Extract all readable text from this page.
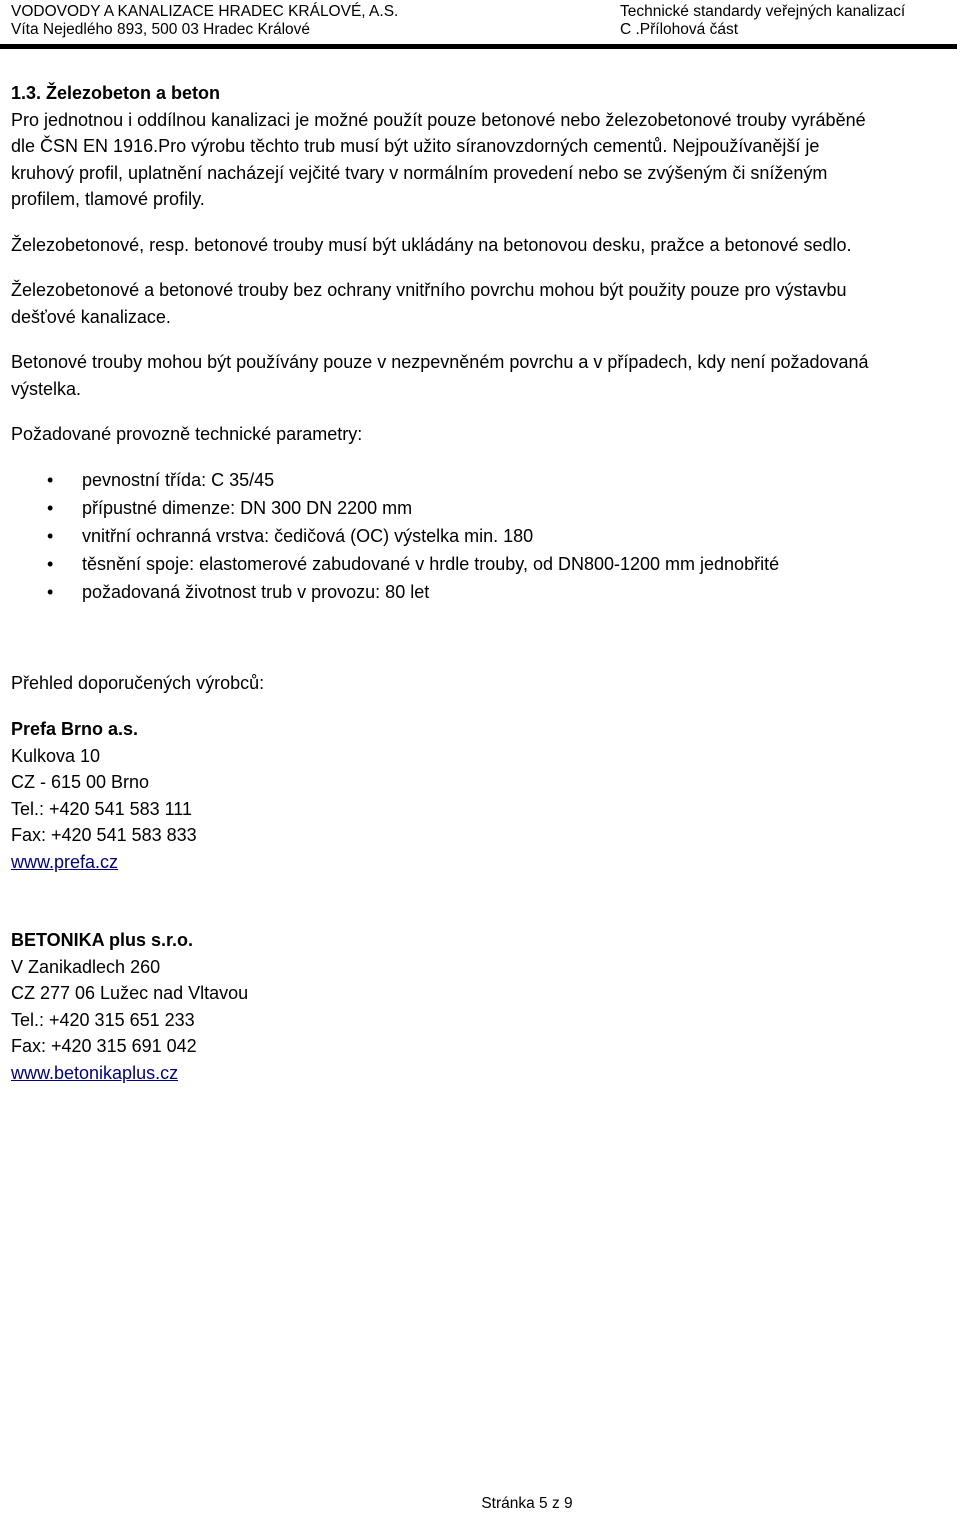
VODOVODY A KANALIZACE HRADEC KRÁLOVÉ, A.S.
Víta Nejedlého 893, 500 03 Hradec Králové
Technické standardy veřejných kanalizací
C .Přílohová část

1.3. Železobeton a beton

Pro jednotnou i oddílnou kanalizaci je možné použít pouze betonové nebo železobetonové trouby vyráběné

dle ČSN EN 1916.Pro výrobu těchto trub musí být užito síranovzdorných cementů. Nejpoužívanější je

kruhový profil, uplatnění nacházejí vejčité tvary v normálním provedení nebo se zvýšeným či sníženým

profilem, tlamové profily.

Železobetonové, resp. betonové trouby musí být ukládány na betonovou desku, pražce a betonové sedlo.

Železobetonové a betonové trouby bez ochrany vnitřního povrchu mohou být použity pouze pro výstavbu

dešťové kanalizace.

Betonové trouby mohou být používány pouze v nezpevněném povrchu a v případech, kdy není požadovaná

výstelka.

Požadované provozně technické parametry:

• pevnostní třída: C 35/45
• přípustné dimenze: DN 300 DN 2200 mm
• vnitřní ochranná vrstva: čedičová (OC) výstelka min. 180
• těsnění spoje: elastomerové zabudované v hrdle trouby, od DN800-1200 mm jednobřité
• požadovaná životnost trub v provozu: 80 let

Přehled doporučených výrobců:

Prefa Brno a.s.

Kulkova 10

CZ - 615 00 Brno

Tel.: +420 541 583 111

Fax: +420 541 583 833

www.prefa.cz

BETONIKA plus s.r.o.

V Zanikadlech 260

CZ 277 06 Lužec nad Vltavou

Tel.: +420 315 651 233

Fax: +420 315 691 042

www.betonikaplus.cz

Stránka 5 z 9
